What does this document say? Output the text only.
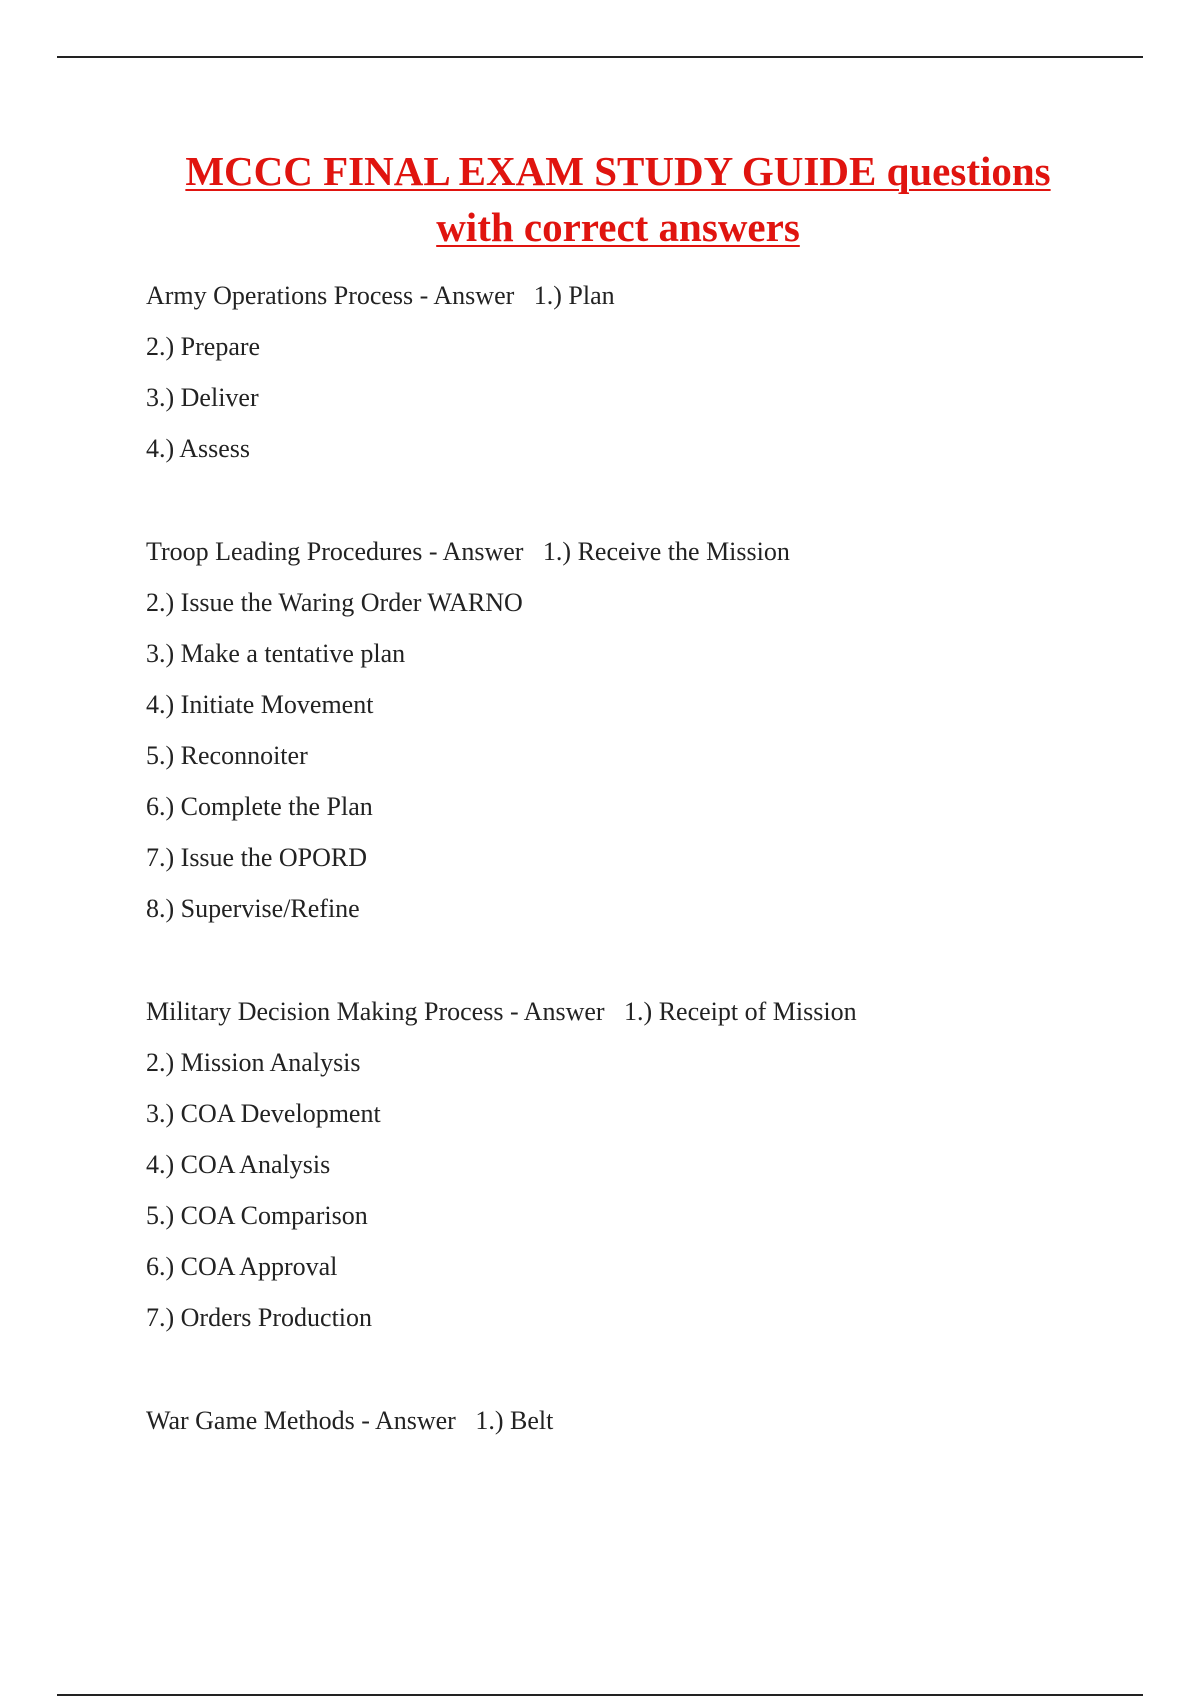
MCCC FINAL EXAM STUDY GUIDE questions
with correct answers
Army Operations Process - Answer   1.) Plan
2.) Prepare
3.) Deliver
4.) Assess
Troop Leading Procedures - Answer   1.) Receive the Mission
2.) Issue the Waring Order WARNO
3.) Make a tentative plan
4.) Initiate Movement
5.) Reconnoiter
6.) Complete the Plan
7.) Issue the OPORD
8.) Supervise/Refine
Military Decision Making Process - Answer   1.) Receipt of Mission
2.) Mission Analysis
3.) COA Development
4.) COA Analysis
5.) COA Comparison
6.) COA Approval
7.) Orders Production
War Game Methods - Answer   1.) Belt
